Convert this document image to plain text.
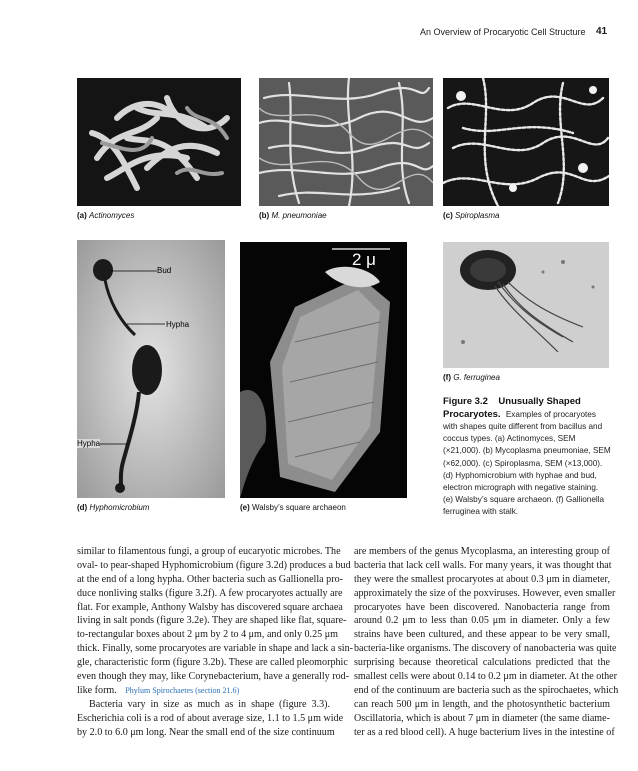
An Overview of Procaryotic Cell Structure 41
(a) Actinomyces	(b) M. pneumoniae	(c) Spiroplasma
Bud
Hypha
Hypha
(d) Hyphomicrobium
2 μ
(e) Walsby’s square archaeon
(f) G. ferruginea
Figure 3.2    Unusually Shaped
Procaryotes. Examples of procaryotes
with shapes quite different from bacillus and
coccus types. (a) Actinomyces, SEM
(×21,000). (b) Mycoplasma pneumoniae, SEM
(×62,000). (c) Spiroplasma, SEM (×13,000).
(d) Hyphomicrobium with hyphae and bud,
electron micrograph with negative staining.
(e) Walsby’s square archaeon. (f) Gallionella
ferruginea with stalk.
similar to filamentous fungi, a group of eucaryotic microbes. The
oval- to pear-shaped Hyphomicrobium (figure 3.2d) produces a bud
at the end of a long hypha. Other bacteria such as Gallionella pro-
duce nonliving stalks (figure 3.2f). A few procaryotes actually are
flat. For example, Anthony Walsby has discovered square archaea
living in salt ponds (figure 3.2e). They are shaped like flat, square-
to-rectangular boxes about 2 μm by 2 to 4 μm, and only 0.25 μm
thick. Finally, some procaryotes are variable in shape and lack a sin-
gle, characteristic form (figure 3.2b). These are called pleomorphic
even though they may, like Corynebacterium, have a generally rod-
like form. Phylum Spirochaetes (section 21.6)
Bacteria vary in size as much as in shape (figure 3.3).
Escherichia coli is a rod of about average size, 1.1 to 1.5 μm wide
by 2.0 to 6.0 μm long. Near the small end of the size continuum
are members of the genus Mycoplasma, an interesting group of
bacteria that lack cell walls. For many years, it was thought that
they were the smallest procaryotes at about 0.3 μm in diameter,
approximately the size of the poxviruses. However, even smaller
procaryotes have been discovered. Nanobacteria range from
around 0.2 μm to less than 0.05 μm in diameter. Only a few
strains have been cultured, and these appear to be very small,
bacteria-like organisms. The discovery of nanobacteria was quite
surprising because theoretical calculations predicted that the
smallest cells were about 0.14 to 0.2 μm in diameter. At the other
end of the continuum are bacteria such as the spirochaetes, which
can reach 500 μm in length, and the photosynthetic bacterium
Oscillatoria, which is about 7 μm in diameter (the same diame-
ter as a red blood cell). A huge bacterium lives in the intestine of
